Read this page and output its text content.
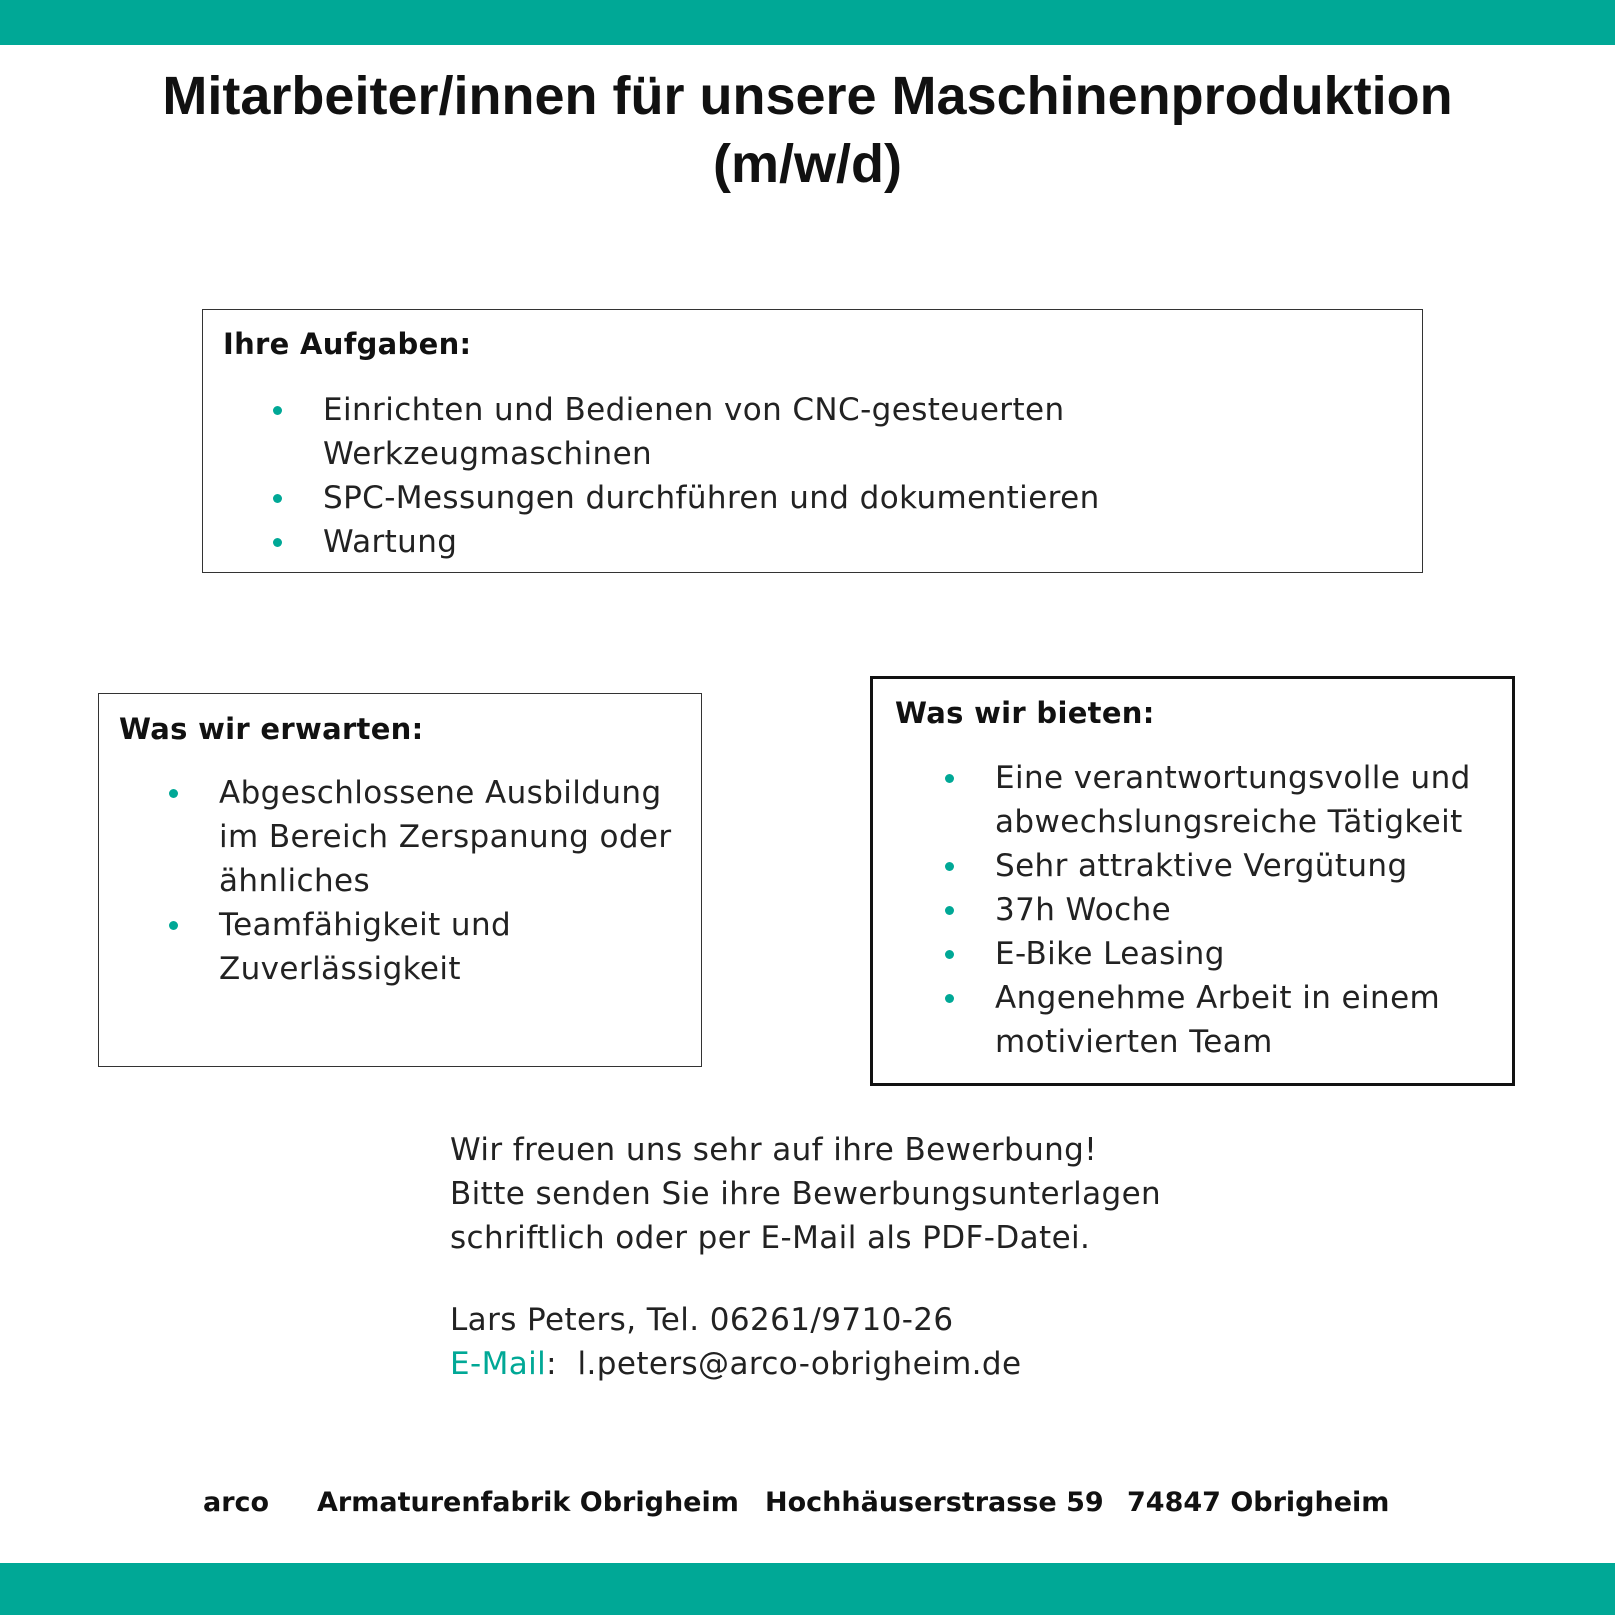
Mitarbeiter/innen für unsere Maschinenproduktion
(m/w/d)
Ihre Aufgaben:
Einrichten und Bedienen von CNC-gesteuerten
Werkzeugmaschinen
SPC-Messungen durchführen und dokumentieren
Wartung
Was wir erwarten:
Abgeschlossene Ausbildung
im Bereich Zerspanung oder
ähnliches
Teamfähigkeit und
Zuverlässigkeit
Was wir bieten:
Eine verantwortungsvolle und
abwechslungsreiche Tätigkeit
Sehr attraktive Vergütung
37h Woche
E-Bike Leasing
Angenehme Arbeit in einem
motivierten Team

Wir freuen uns sehr auf ihre Bewerbung!

Bitte senden Sie ihre Bewerbungsunterlagen

schriftlich oder per E-Mail als PDF-Datei.

Lars Peters, Tel. 06261/9710-26

E-Mail:  l.peters@arco-obrigheim.de

arco Armaturenfabrik Obrigheim Hochhäuserstrasse 59 74847 Obrigheim
